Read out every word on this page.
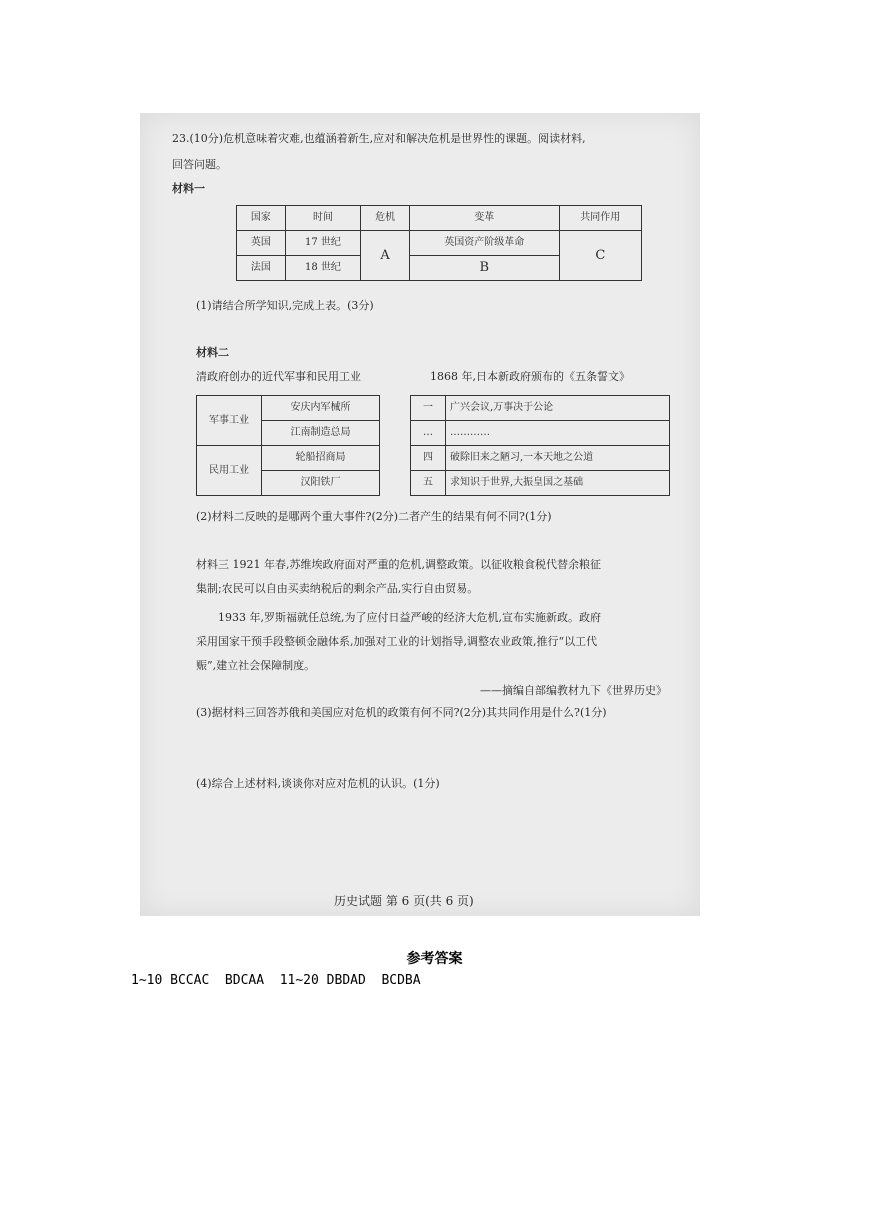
23.(10分)危机意味着灾难,也蕴涵着新生,应对和解决危机是世界性的课题。阅读材料,
回答问题。
材料一
国家	时间	危机	变革	共同作用
英国	17 世纪	A	英国资产阶级革命	C
法国	18 世纪		B	
(1)请结合所学知识,完成上表。(3分)
材料二
清政府创办的近代军事和民用工业	1868 年,日本新政府颁布的《五条誓文》
军事工业	安庆内军械所
	江南制造总局
民用工业	轮船招商局
	汉阳铁厂
一	广兴会议,万事决于公论
…	…………
四	破除旧来之陋习,一本天地之公道
五	求知识于世界,大振皇国之基础
(2)材料二反映的是哪两个重大事件?(2分)二者产生的结果有何不同?(1分)
材料三 1921 年春,苏维埃政府面对严重的危机,调整政策。以征收粮食税代替余粮征
集制;农民可以自由买卖纳税后的剩余产品,实行自由贸易。
1933 年,罗斯福就任总统,为了应付日益严峻的经济大危机,宣布实施新政。政府
采用国家干预手段整顿金融体系,加强对工业的计划指导,调整农业政策,推行“以工代
赈”,建立社会保障制度。
——摘编自部编教材九下《世界历史》
(3)据材料三回答苏俄和美国应对危机的政策有何不同?(2分)其共同作用是什么?(1分)
(4)综合上述材料,谈谈你对应对危机的认识。(1分)
历史试题 第 6 页(共 6 页)
参考答案
1~10 BCCAC  BDCAA  11~20 DBDAD  BCDBA
